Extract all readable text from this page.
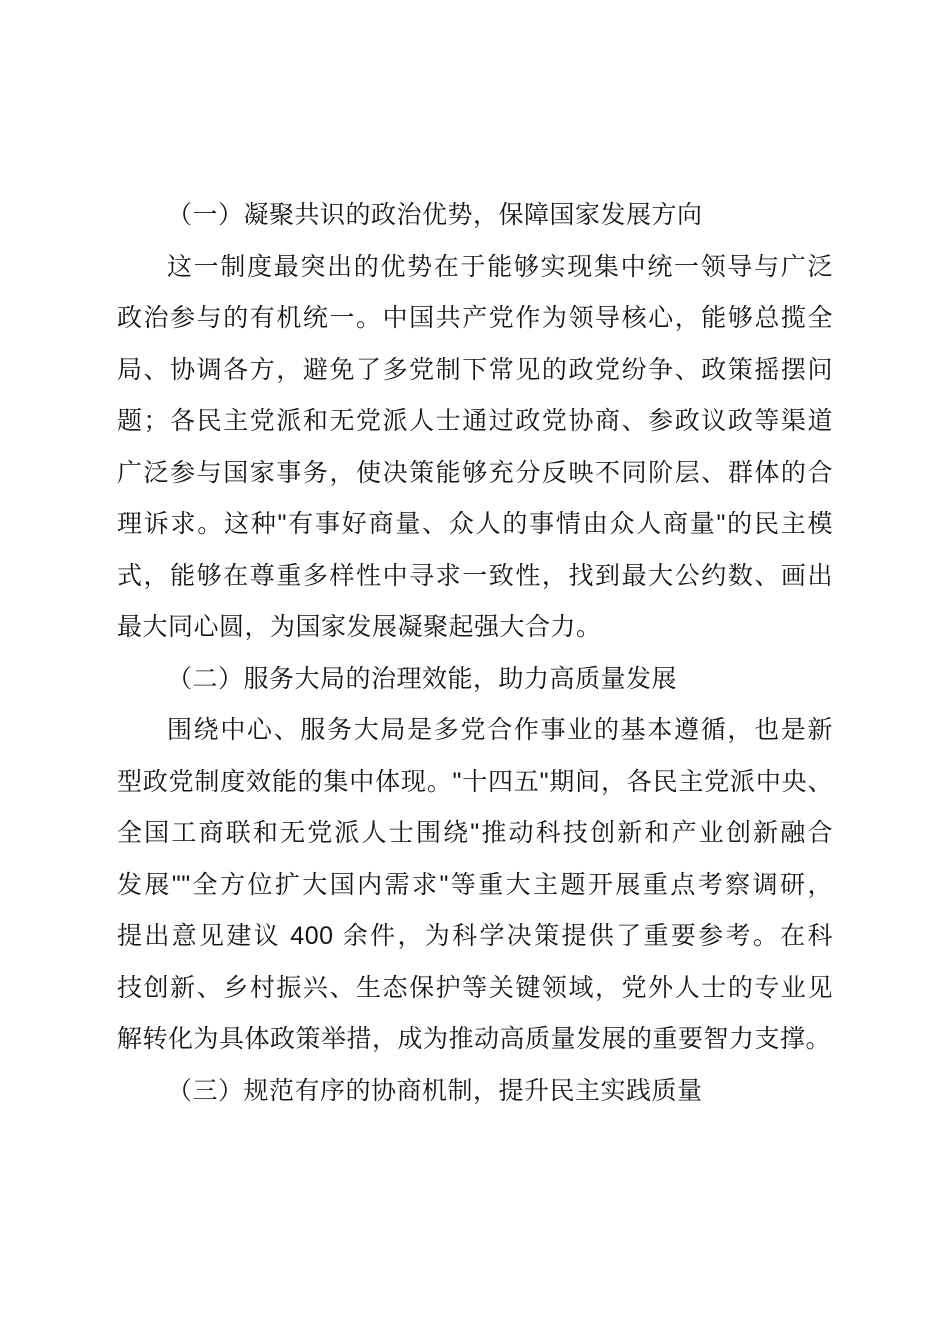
（一）凝聚共识的政治优势，保障国家发展方向
这一制度最突出的优势在于能够实现集中统一领导与广泛
政治参与的有机统一。中国共产党作为领导核心，能够总揽全
局、协调各方，避免了多党制下常见的政党纷争、政策摇摆问
题；各民主党派和无党派人士通过政党协商、参政议政等渠道
广泛参与国家事务，使决策能够充分反映不同阶层、群体的合
理诉求。这种"有事好商量、众人的事情由众人商量"的民主模
式，能够在尊重多样性中寻求一致性，找到最大公约数、画出
最大同心圆，为国家发展凝聚起强大合力。
（二）服务大局的治理效能，助力高质量发展
围绕中心、服务大局是多党合作事业的基本遵循，也是新
型政党制度效能的集中体现。"十四五"期间，各民主党派中央、
全国工商联和无党派人士围绕"推动科技创新和产业创新融合
发展""全方位扩大国内需求"等重大主题开展重点考察调研，
提出意见建议 400 余件，为科学决策提供了重要参考。在科
技创新、乡村振兴、生态保护等关键领域，党外人士的专业见
解转化为具体政策举措，成为推动高质量发展的重要智力支撑。
（三）规范有序的协商机制，提升民主实践质量
